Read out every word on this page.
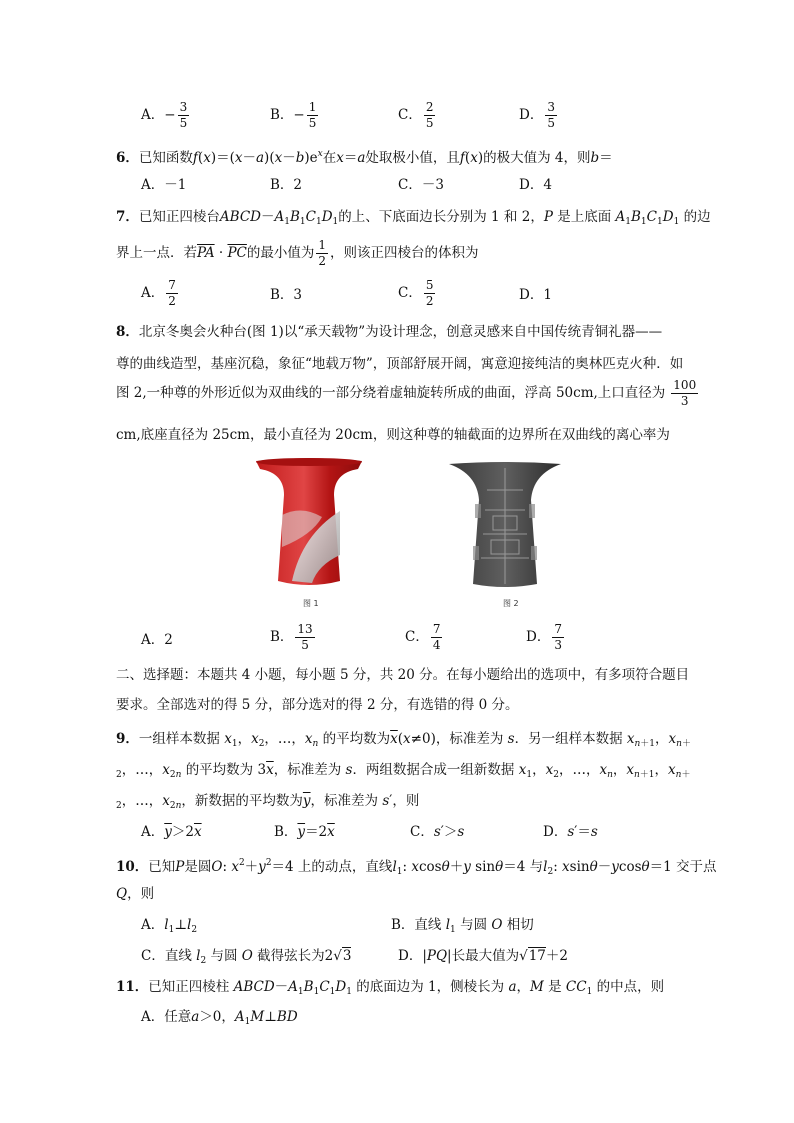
A．− $\frac{3}{5}$	B．− $\frac{1}{5}$	C． $\frac{2}{5}$	D． $\frac{3}{5}$
6．已知函数$f(x)=(x-a)(x-b)e^x$在x＝a处取极小值，且f(x)的极大值为 4，则b＝
A．－1	B．2	C．－3	D．4
7．已知正四棱台$ABCD-A_1B_1C_1D_1$的上、下底面边长分别为 1 和 2，P 是上底面 $A_1B_1C_1D_1$ 的边
界上一点．若$\overline{PA} \cdot \overline{PC}$的最小值为 $\frac{1}{2}$ ，则该正四棱台的体积为
A． $\frac{7}{2}$	B．3	C． $\frac{5}{2}$	D．1
8．北京冬奥会火种台(图 1)以“承天载物”为设计理念，创意灵感来自中国传统青铜礼器——
尊的曲线造型，基座沉稳，象征“地载万物”，顶部舒展开阔，寓意迎接纯洁的奥林匹克火种．如
图 2,一种尊的外形近似为双曲线的一部分绕着虚轴旋转所成的曲面，浮高 50cm,上口直径为 $\frac{100}{3}$
cm,底座直径为 25cm，最小直径为 20cm，则这种尊的轴截面的边界所在双曲线的离心率为
图 1	图 2
A．2	B． $\frac{13}{5}$	C． $\frac{7}{4}$	D． $\frac{7}{3}$
二、选择题：本题共 4 小题，每小题 5 分，共 20 分。在每小题给出的选项中，有多项符合题目
要求。全部选对的得 5 分，部分选对的得 2 分，有选错的得 0 分。
9．一组样本数据 $x_1$，$x_2$，…，$x_n$ 的平均数为$\overline{x}(x\ne 0)$，标准差为 s．另一组样本数据 $x_{n+1}$，$x_{n+}$
$_2$，…，$x_{2n}$ 的平均数为 $3\overline{x}$，标准差为 s．两组数据合成一组新数据 $x_1$，$x_2$，…，$x_n$，$x_{n+1}$，$x_{n+}$
$_2$，…，$x_{2n}$，新数据的平均数为$\overline{y}$，标准差为 s′，则
A．$\overline{y}>2\overline{x}$	B．$\overline{y}=2\overline{x}$	C．s′＞s	D．s′＝s
10．已知P是圆O: $x^2+y^2=4$ 上的动点，直线$l_1$: xcosθ＋y sinθ＝4 与$l_2$: xsinθ－ycosθ＝1 交于点
Q，则
A．$l_1\perp l_2$	B．直线 $l_1$ 与圆 O 相切
C．直线 $l_2$ 与圆 O 截得弦长为2√3	D．|PQ|长最大值为√17＋2
11．已知正四棱柱 $ABCD-A_1B_1C_1D_1$ 的底面边为 1，侧棱长为 a，M 是 $CC_1$ 的中点，则
A．任意a＞0，$A_1M\perp BD$
